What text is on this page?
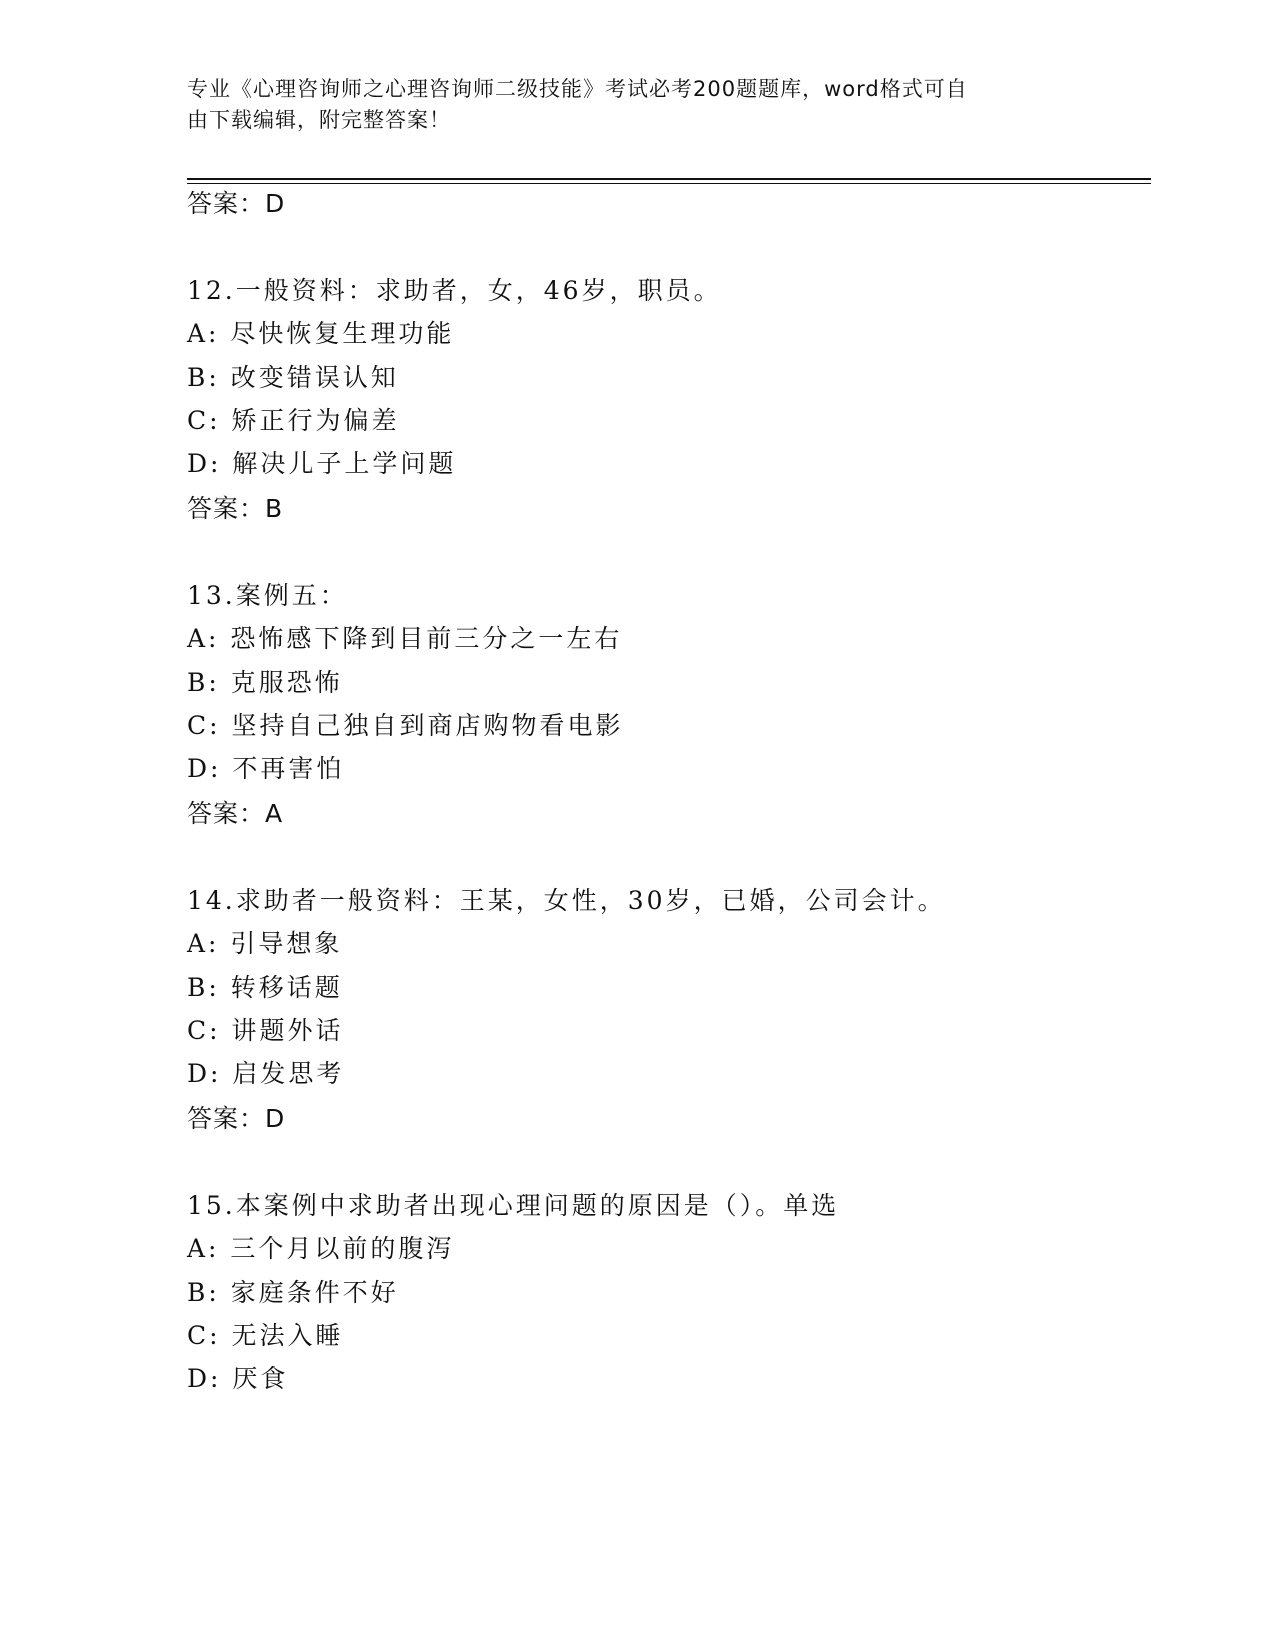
专业《心理咨询师之心理咨询师二级技能》考试必考200题题库，word格式可自
由下载编辑，附完整答案！
答案：D
12.一般资料：求助者，女，46岁，职员。
A: 尽快恢复生理功能
B: 改变错误认知
C: 矫正行为偏差
D: 解决儿子上学问题
答案：B
13.案例五：
A: 恐怖感下降到目前三分之一左右
B: 克服恐怖
C: 坚持自己独自到商店购物看电影
D: 不再害怕
答案：A
14.求助者一般资料：王某，女性，30岁，已婚，公司会计。
A: 引导想象
B: 转移话题
C: 讲题外话
D: 启发思考
答案：D
15.本案例中求助者出现心理问题的原因是（）。单选
A: 三个月以前的腹泻
B: 家庭条件不好
C: 无法入睡
D: 厌食
